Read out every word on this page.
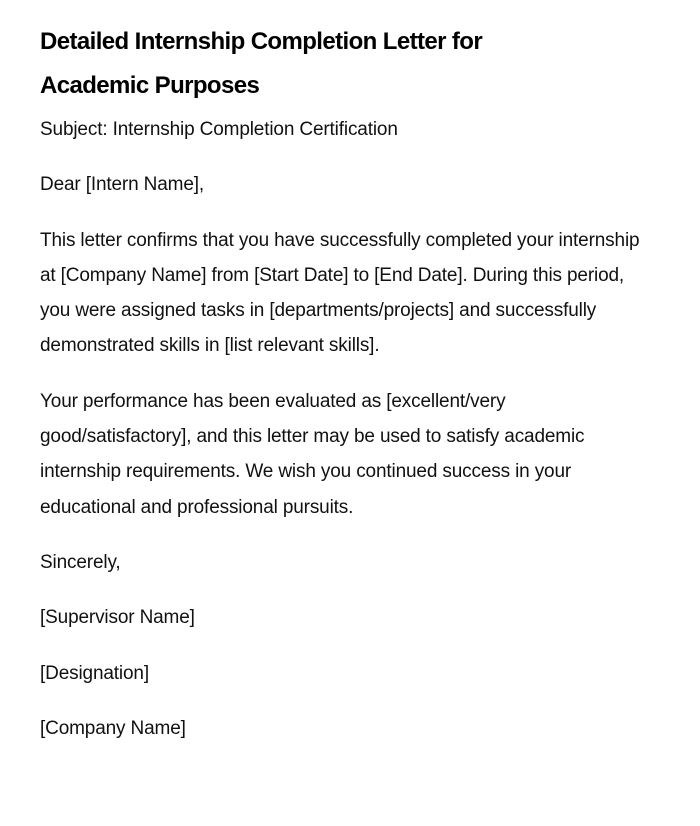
Detailed Internship Completion Letter for
Academic Purposes

Subject: Internship Completion Certification

Dear [Intern Name],

This letter confirms that you have successfully completed your internship at [Company Name] from [Start Date] to [End Date]. During this period, you were assigned tasks in [departments/projects] and successfully demonstrated skills in [list relevant skills].

Your performance has been evaluated as [excellent/very good/satisfactory], and this letter may be used to satisfy academic internship requirements. We wish you continued success in your educational and professional pursuits.

Sincerely,

[Supervisor Name]

[Designation]

[Company Name]
